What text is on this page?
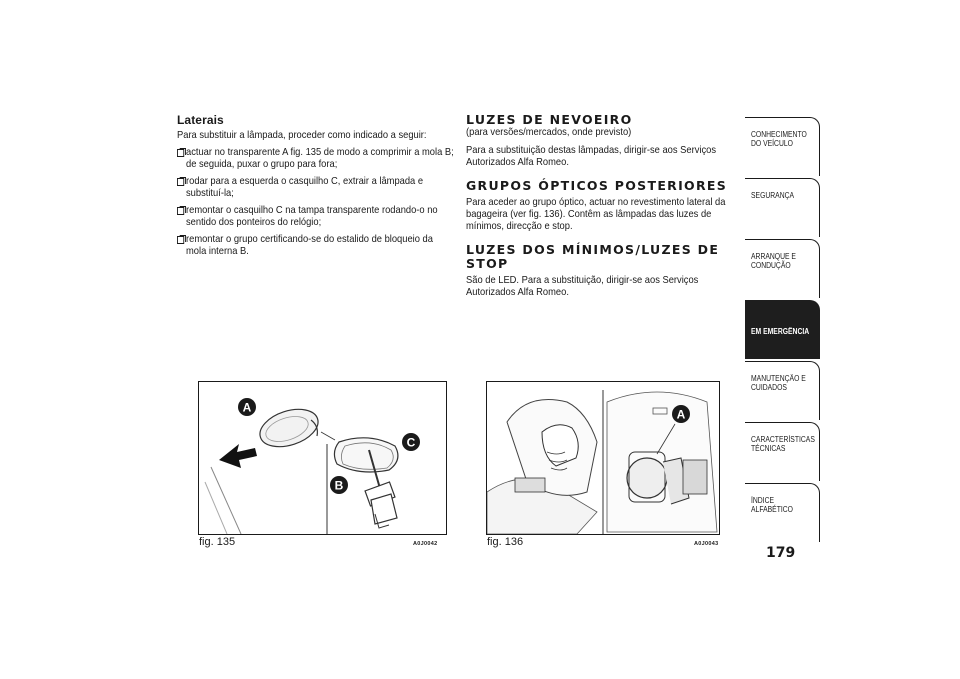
Laterais
Para substituir a lâmpada, proceder como indicado a seguir:
actuar no transparente A fig. 135 de modo a comprimir a mola B; de seguida, puxar o grupo para fora;
rodar para a esquerda o casquilho C, extrair a lâmpada e substituí-la;
remontar o casquilho C na tampa transparente rodando-o no sentido dos ponteiros do relógio;
remontar o grupo certificando-se do estalido de bloqueio da mola interna B.
LUZES DE NEVOEIRO
(para versões/mercados, onde previsto)
Para a substituição destas lâmpadas, dirigir-se aos Serviços Autorizados Alfa Romeo.
GRUPOS ÓPTICOS POSTERIORES
Para aceder ao grupo óptico, actuar no revestimento lateral da bagageira (ver fig. 136). Contêm as lâmpadas das luzes de mínimos, direcção e stop.
LUZES DOS MÍNIMOS/LUZES DE STOP
São de LED. Para a substituição, dirigir-se aos Serviços Autorizados Alfa Romeo.
A
C
B
fig. 135	A0J0042
A
fig. 136	A0J0043
CONHECIMENTO DO VEÍCULO
SEGURANÇA
ARRANQUE E CONDUÇÃO
EM EMERGÊNCIA
MANUTENÇÃO E CUIDADOS
CARACTERÍSTICAS TÉCNICAS
ÍNDICE ALFABÉTICO
179
